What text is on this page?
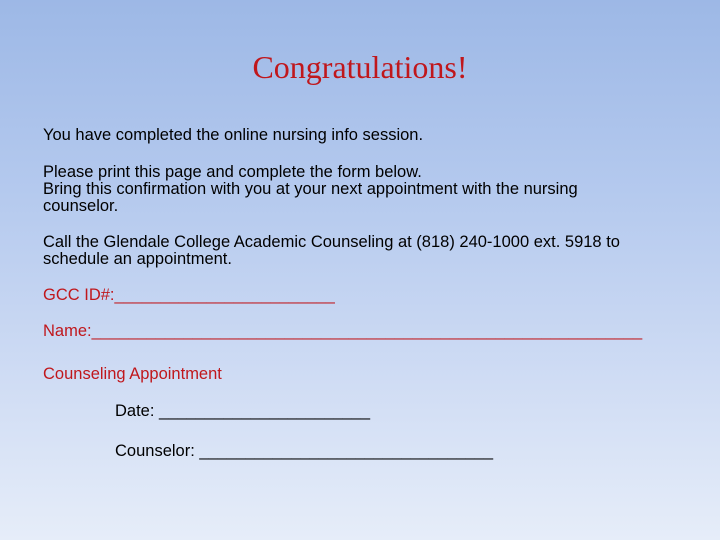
Congratulations!

You have completed the online nursing info session.

Please print this page and complete the form below.
Bring this confirmation with you at your next appointment with the nursing
counselor.

Call the Glendale College Academic Counseling at (818) 240-1000 ext. 5918 to
schedule an appointment.

GCC ID#:________________________

Name:____________________________________________________________

Counseling Appointment

Date: _______________________

Counselor: ________________________________
